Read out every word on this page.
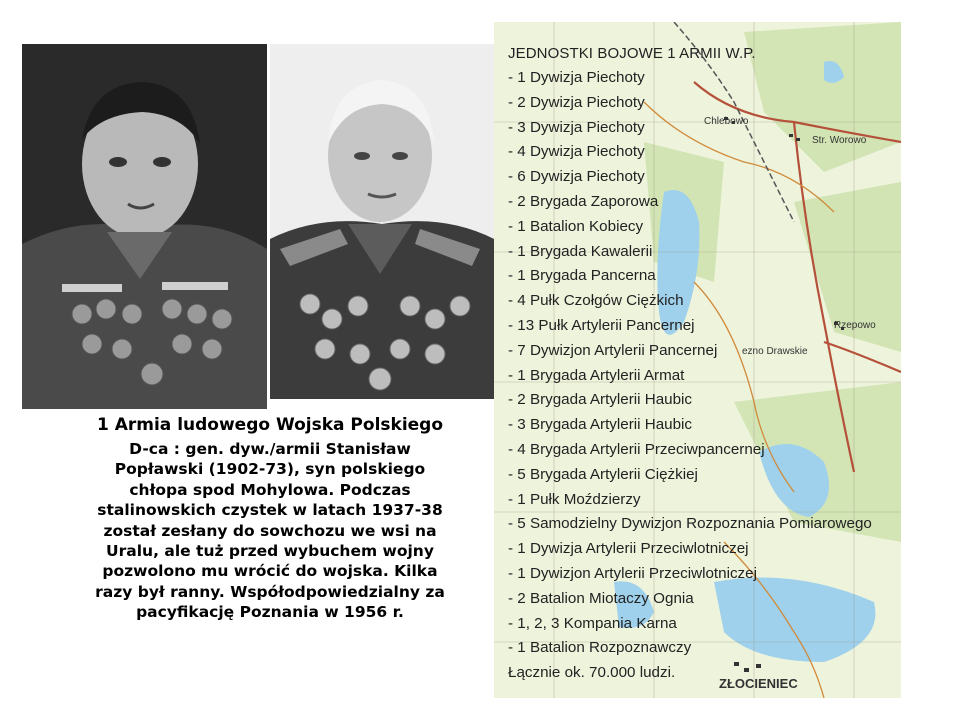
1 Armia ludowego Wojska Polskiego
D-ca : gen. dyw./armii Stanisław
Popławski (1902-73), syn polskiego
chłopa spod Mohylowa. Podczas
stalinowskich czystek w latach 1937-38
został zesłany do sowchozu we wsi na
Uralu, ale tuż przed wybuchem wojny
pozwolono mu wrócić do wojska. Kilka
razy był ranny. Współodpowiedzialny za
pacyfikację Poznania w 1956 r.
Chlebowo
Str. Worowo
Rzepowo
ezno Drawskie
ZŁOCIENIEC
JEDNOSTKI BOJOWE 1 ARMII W.P.
- 1 Dywizja Piechoty
- 2 Dywizja Piechoty
- 3 Dywizja Piechoty
- 4 Dywizja Piechoty
- 6 Dywizja Piechoty
- 2 Brygada Zaporowa
- 1 Batalion Kobiecy
- 1 Brygada Kawalerii
- 1 Brygada Pancerna
- 4 Pułk Czołgów Ciężkich
- 13 Pułk Artylerii Pancernej
- 7 Dywizjon Artylerii Pancernej
- 1 Brygada Artylerii Armat
- 2 Brygada Artylerii Haubic
- 3 Brygada Artylerii Haubic
- 4 Brygada Artylerii Przeciwpancernej
- 5 Brygada Artylerii Ciężkiej
- 1 Pułk Moździerzy
- 5 Samodzielny Dywizjon Rozpoznania Pomiarowego
- 1 Dywizja Artylerii Przeciwlotniczej
- 1 Dywizjon Artylerii Przeciwlotniczej
- 2 Batalion Miotaczy Ognia
- 1, 2, 3 Kompania Karna
- 1 Batalion Rozpoznawczy
Łącznie ok. 70.000 ludzi.
